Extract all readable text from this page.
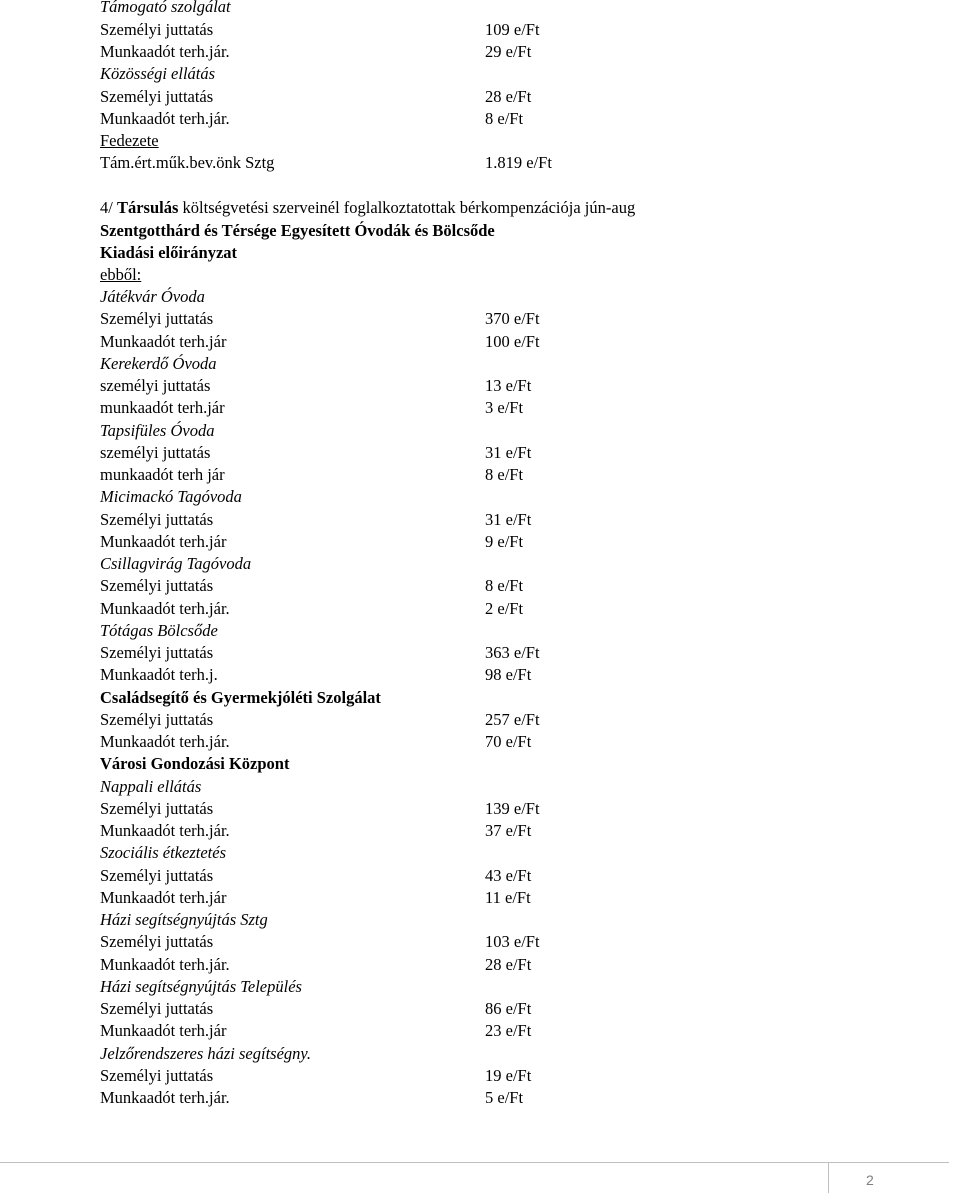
Támogató szolgálat
Személyi juttatás	109 e/Ft
Munkaadót terh.jár.	29 e/Ft
Közösségi ellátás
Személyi juttatás	28 e/Ft
Munkaadót terh.jár.	8 e/Ft
Fedezete
Tám.ért.műk.bev.önk Sztg	1.819 e/Ft
4/ Társulás költségvetési szerveinél foglalkoztatottak bérkompenzációja jún-aug
Szentgotthárd és Térsége Egyesített Óvodák és Bölcsőde
Kiadási előirányzat
ebből:
Játékvár Óvoda
Személyi juttatás	370 e/Ft
Munkaadót terh.jár	100 e/Ft
Kerekerdő Óvoda
személyi juttatás	13 e/Ft
munkaadót terh.jár	3 e/Ft
Tapsifüles Óvoda
személyi juttatás	31 e/Ft
munkaadót terh jár	8 e/Ft
Micimackó Tagóvoda
Személyi juttatás	31 e/Ft
Munkaadót terh.jár	9 e/Ft
Csillagvirág Tagóvoda
Személyi juttatás	8 e/Ft
Munkaadót terh.jár.	2 e/Ft
Tótágas Bölcsőde
Személyi juttatás	363 e/Ft
Munkaadót terh.j.	98 e/Ft
Családsegítő és Gyermekjóléti Szolgálat
Személyi juttatás	257 e/Ft
Munkaadót terh.jár.	70 e/Ft
Városi Gondozási Központ
Nappali ellátás
Személyi juttatás	139 e/Ft
Munkaadót terh.jár.	37 e/Ft
Szociális étkeztetés
Személyi juttatás	43 e/Ft
Munkaadót terh.jár	11 e/Ft
Házi segítségnyújtás Sztg
Személyi juttatás	103 e/Ft
Munkaadót terh.jár.	28 e/Ft
Házi segítségnyújtás Település
Személyi juttatás	86 e/Ft
Munkaadót terh.jár	23 e/Ft
Jelzőrendszeres házi segítségny.
Személyi juttatás	19 e/Ft
Munkaadót terh.jár.	5 e/Ft
2
